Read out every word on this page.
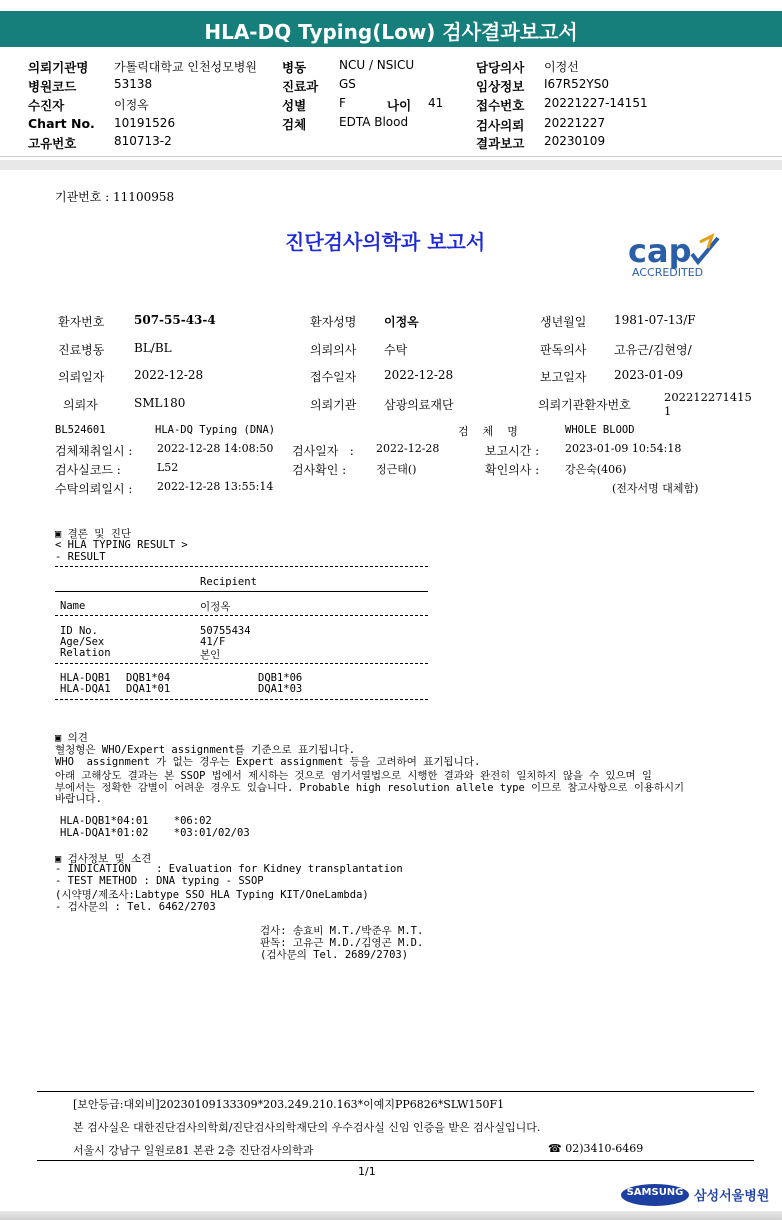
HLA-DQ Typing(Low) 검사결과보고서
의뢰기관명 가톨릭대학교 인천성모병원
병원코드	53138
수진자	이정옥
Chart No. 10191526
고유번호	810713-2
병동	NCU / NSICU
진료과 GS
성별	F	나이 41
검체	EDTA Blood
담당의사 이정선
임상정보 I67R52YS0
접수번호 20221227-14151
검사의뢰 20221227
결과보고 20230109
기관번호 : 11100958
진단검사의학과 보고서	cap
ACCREDITED
환자번호 507-55-43-4	환자성명 이정옥	생년월일 1981-07-13/F
진료병동 BL/BL	의뢰의사 수탁	판독의사 고유근/김현영/
의뢰일자 2022-12-28	접수일자 2022-12-28	보고일자 2023-01-09
의뢰자	SML180	의뢰기관 삼광의료재단	의뢰기관환자번호
202212271415
1
BL524601	HLA-DQ Typing (DNA)	검    체    명	WHOLE BLOOD
검체채취일시 : 2022-12-28 14:08:50 검사일자   : 2022-12-28	보고시간 : 2023-01-09 10:54:18
검사실코드 :	L52	검사확인 :	정근태()	확인의사 : 강은숙(406)
수탁의뢰일시 : 2022-12-28 13:55:14	(전자서명 대체함)
▣ 결론 및 진단
< HLA TYPING RESULT >
- RESULT
Recipient
Name	이정옥
ID No.	50755434
Age/Sex	41/F
Relation	본인
HLA-DQB1 DQB1*04	DQB1*06
HLA-DQA1 DQA1*01	DQA1*03
▣ 의견
혈청형은 WHO/Expert assignment를 기준으로 표기됩니다.
WHO  assignment 가 없는 경우는 Expert assignment 등을 고려하여 표기됩니다.
아래 고해상도 결과는 본 SSOP 법에서 제시하는 것으로 염기서열법으로 시행한 결과와 완전히 일치하지 않을 수 있으며 일
부에서는 정확한 감별이 어려운 경우도 있습니다. Probable high resolution allele type 이므로 참고사항으로 이용하시기
바랍니다.
HLA-DQB1*04:01    *06:02
HLA-DQA1*01:02    *03:01/02/03
▣ 검사정보 및 소견
- INDICATION    : Evaluation for Kidney transplantation
- TEST METHOD : DNA typing - SSOP
(시약명/제조사:Labtype SSO HLA Typing KIT/OneLambda)
- 검사문의 : Tel. 6462/2703
검사: 송효비 M.T./박준우 M.T.
판독: 고유근 M.D./김영곤 M.D.
(검사문의 Tel. 2689/2703)
[보안등급:대외비]20230109133309*203.249.210.163*이예지PP6826*SLW150F1
본 검사실은 대한진단검사의학회/진단검사의학재단의 우수검사실 신임 인증을 받은 검사실입니다.
서울시 강남구 일원로81 본관 2층 진단검사의학과	☎ 02)3410-6469
1/1
SAMSUNG 삼성서울병원
